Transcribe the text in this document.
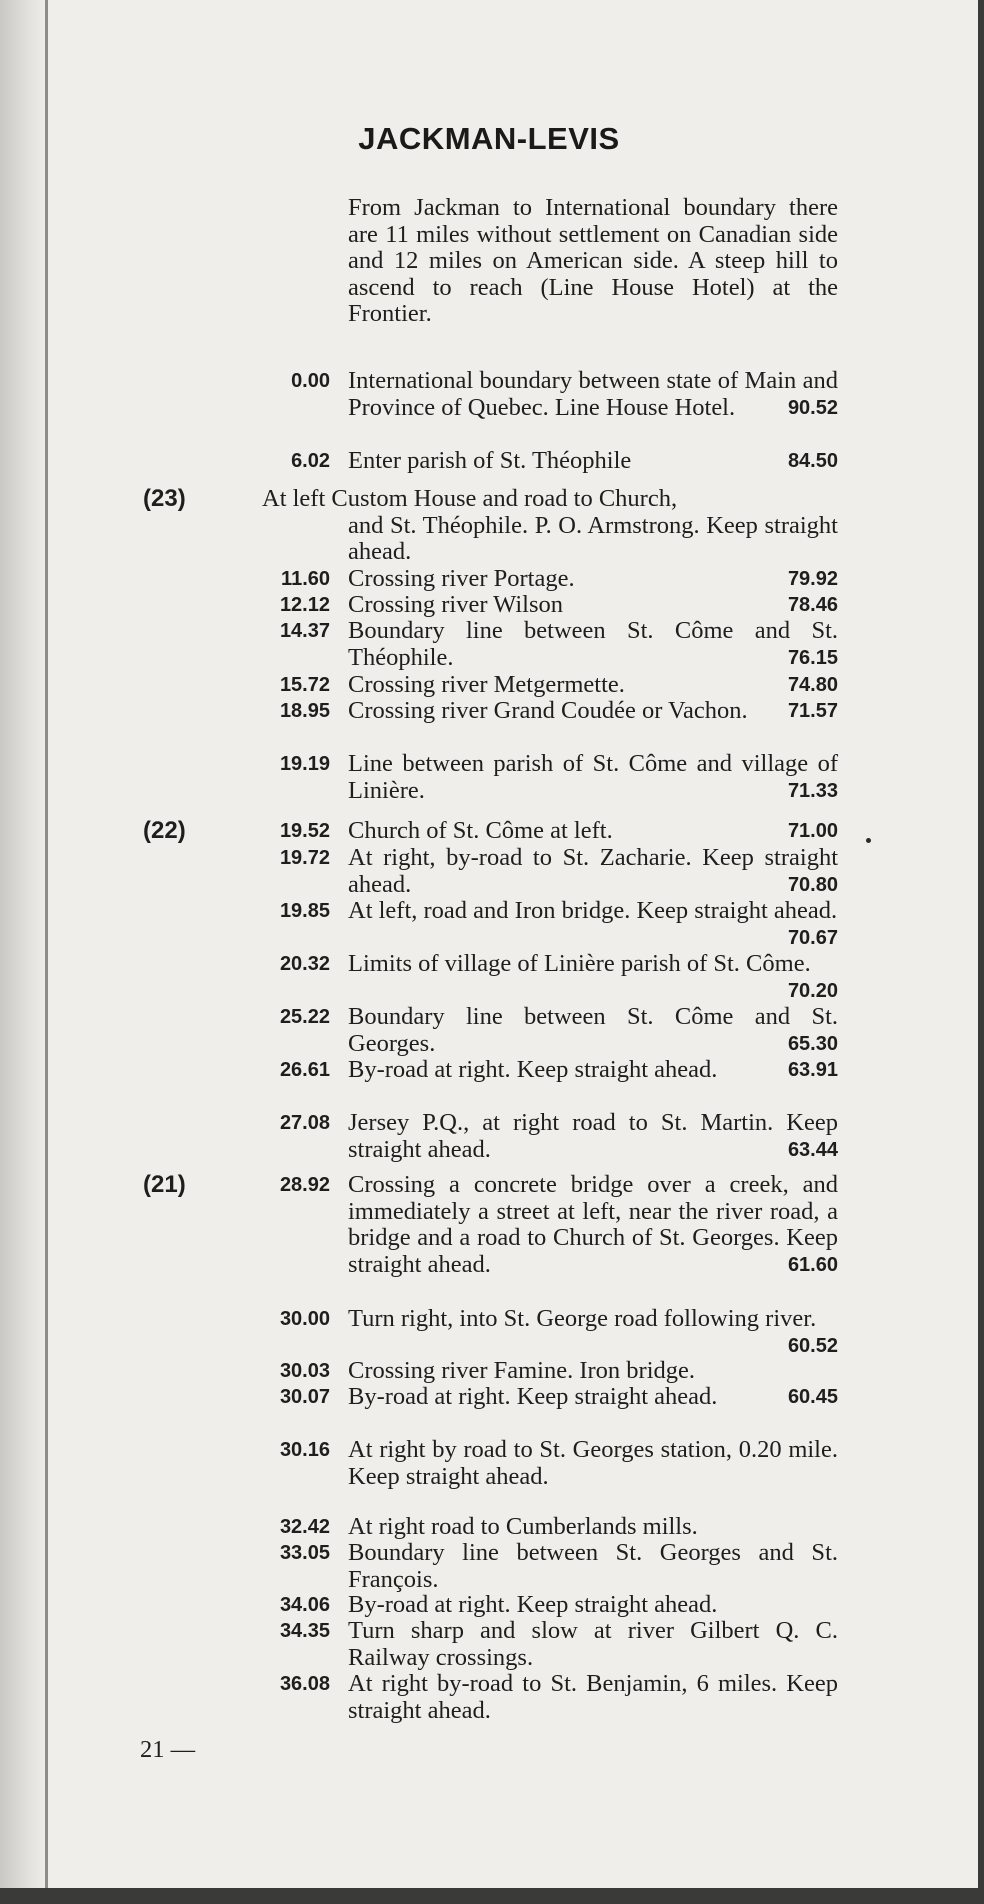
JACKMAN-LEVIS
From Jackman to International boundary there are 11 miles without settlement on Canadian side and 12 miles on American side. A steep hill to ascend to reach (Line House Hotel) at the Frontier.
0.00 International boundary between state of Main and Province of Quebec. Line House Hotel.	90.52
6.02 Enter parish of St. Théophile	84.50
(23)	At left Custom House and road to Church,
and St. Théophile. P. O. Armstrong. Keep straight ahead.
11.60 Crossing river Portage.	79.92
12.12 Crossing river Wilson	78.46
14.37 Boundary line between St. Côme and St. Théophile.	76.15
15.72 Crossing river Metgermette.	74.80
18.95 Crossing river Grand Coudée or Vachon. 71.57
19.19 Line between parish of St. Côme and village of Linière.	71.33
(22)	19.52 Church of St. Côme at left.	71.00
19.72 At right, by-road to St. Zacharie. Keep straight ahead.	70.80
19.85 At left, road and Iron bridge. Keep straight ahead.
70.67
20.32 Limits of village of Linière parish of St. Côme.
70.20
25.22 Boundary line between St. Côme and St. Georges.	65.30
26.61 By-road at right. Keep straight ahead.	63.91
27.08 Jersey P.Q., at right road to St. Martin. Keep straight ahead.	63.44
(21)	28.92 Crossing a concrete bridge over a creek, and immediately a street at left, near the river road, a bridge and a road to Church of St. Georges. Keep straight ahead.	61.60
30.00 Turn right, into St. George road following river.
60.52
30.03 Crossing river Famine. Iron bridge.
30.07 By-road at right. Keep straight ahead.	60.45
30.16 At right by road to St. Georges station, 0.20 mile. Keep straight ahead.
32.42 At right road to Cumberlands mills.
33.05 Boundary line between St. Georges and St. François.
34.06 By-road at right. Keep straight ahead.
34.35 Turn sharp and slow at river Gilbert Q. C. Railway crossings.
36.08 At right by-road to St. Benjamin, 6 miles. Keep straight ahead.
21 —
